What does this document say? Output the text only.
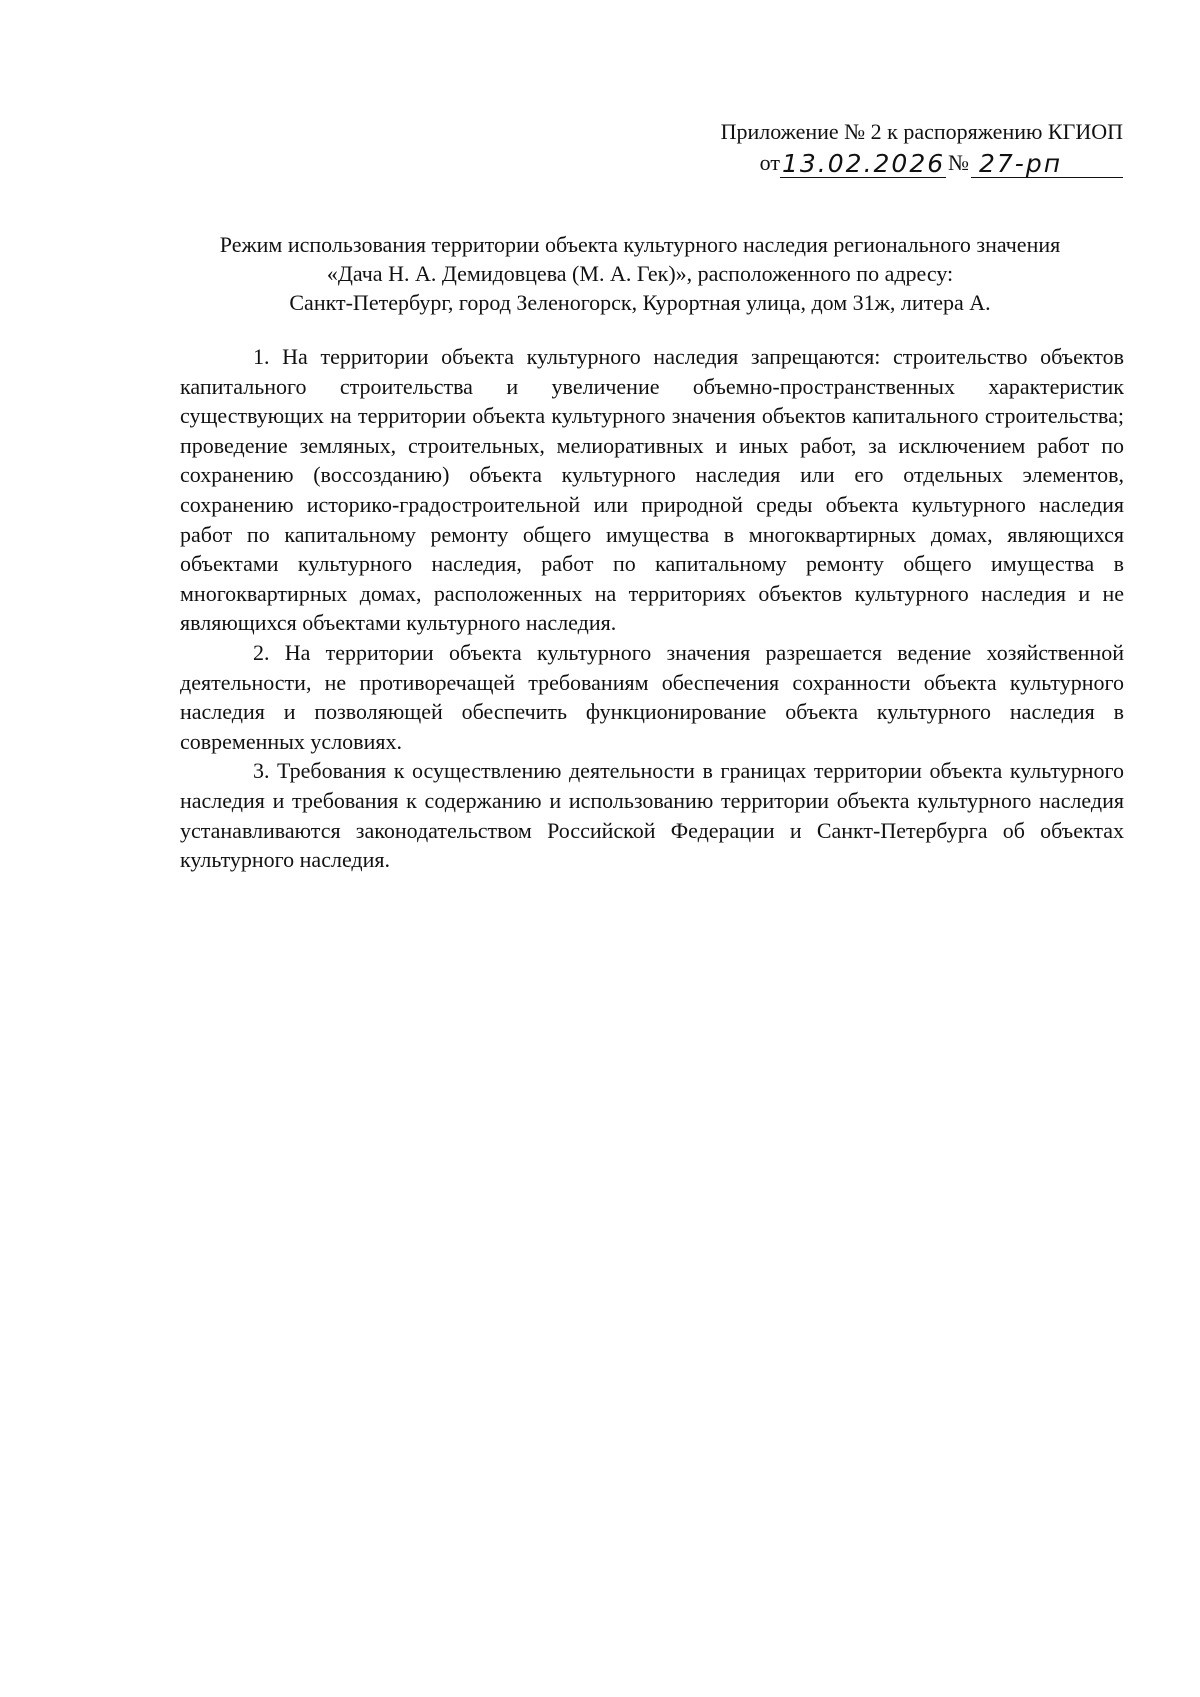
Приложение № 2 к распоряжению КГИОП
от 13.02.2026 № 27-рп
Режим использования территории объекта культурного наследия регионального значения
«Дача Н. А. Демидовцева (М. А. Гек)», расположенного по адресу:
Санкт-Петербург, город Зеленогорск, Курортная улица, дом 31ж, литера А.

1. На территории объекта культурного наследия запрещаются: строительство объектов капитального строительства и увеличение объемно-пространственных характеристик существующих на территории объекта культурного значения объектов капитального строительства; проведение земляных, строительных, мелиоративных и иных работ, за исключением работ по сохранению (воссозданию) объекта культурного наследия или его отдельных элементов, сохранению историко-градостроительной или природной среды объекта культурного наследия работ по капитальному ремонту общего имущества в многоквартирных домах, являющихся объектами культурного наследия, работ по капитальному ремонту общего имущества в многоквартирных домах, расположенных на территориях объектов культурного наследия и не являющихся объектами культурного наследия.

2. На территории объекта культурного значения разрешается ведение хозяйственной деятельности, не противоречащей требованиям обеспечения сохранности объекта культурного наследия и позволяющей обеспечить функционирование объекта культурного наследия в современных условиях.

3. Требования к осуществлению деятельности в границах территории объекта культурного наследия и требования к содержанию и использованию территории объекта культурного наследия устанавливаются законодательством Российской Федерации и Санкт-Петербурга об объектах культурного наследия.
